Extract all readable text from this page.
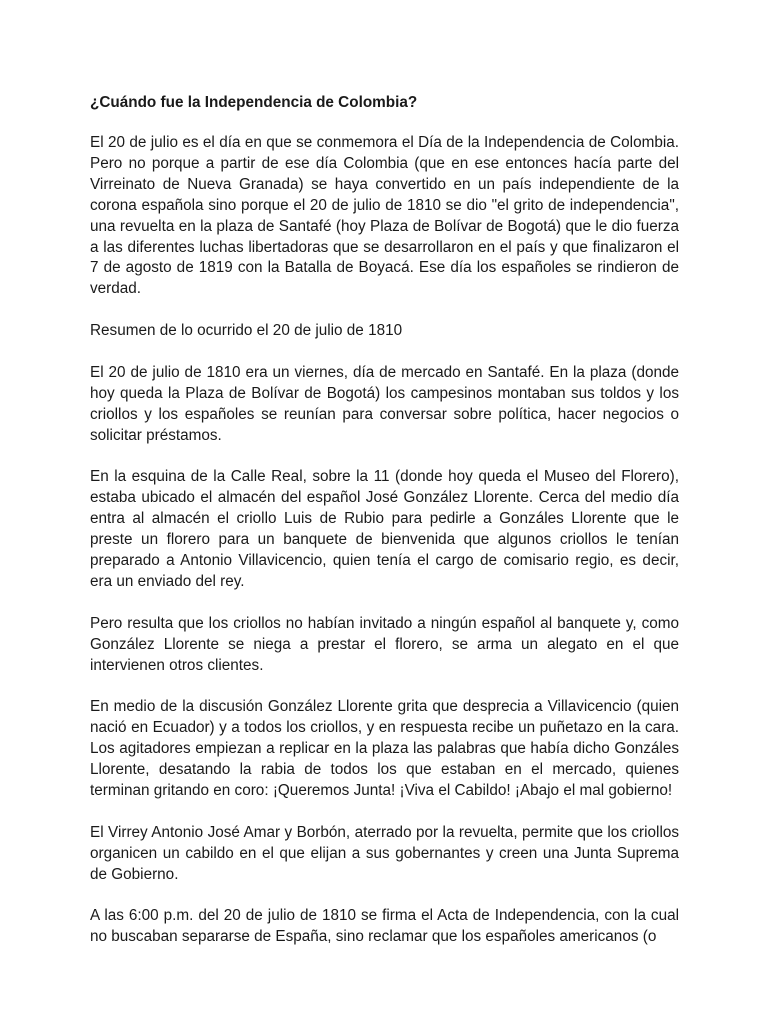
¿Cuándo fue la Independencia de Colombia?

El 20 de julio es el día en que se conmemora el Día de la Independencia de Colombia. Pero no porque a partir de ese día Colombia (que en ese entonces hacía parte del Virreinato de Nueva Granada) se haya convertido en un país independiente de la corona española sino porque el 20 de julio de 1810 se dio "el grito de independencia", una revuelta en la plaza de Santafé (hoy Plaza de Bolívar de Bogotá) que le dio fuerza a las diferentes luchas libertadoras que se desarrollaron en el país y que finalizaron el 7 de agosto de 1819 con la Batalla de Boyacá. Ese día los españoles se rindieron de verdad.

Resumen de lo ocurrido el 20 de julio de 1810

El 20 de julio de 1810 era un viernes, día de mercado en Santafé. En la plaza (donde hoy queda la Plaza de Bolívar de Bogotá) los campesinos montaban sus toldos y los criollos y los españoles se reunían para conversar sobre política, hacer negocios o solicitar préstamos.

En la esquina de la Calle Real, sobre la 11 (donde hoy queda el Museo del Florero), estaba ubicado el almacén del español José González Llorente. Cerca del medio día entra al almacén el criollo Luis de Rubio para pedirle a Gonzáles Llorente que le preste un florero para un banquete de bienvenida que algunos criollos le tenían preparado a Antonio Villavicencio, quien tenía el cargo de comisario regio, es decir, era un enviado del rey.

Pero resulta que los criollos no habían invitado a ningún español al banquete y, como González Llorente se niega a prestar el florero, se arma un alegato en el que intervienen otros clientes.

En medio de la discusión González Llorente grita que desprecia a Villavicencio (quien nació en Ecuador) y a todos los criollos, y en respuesta recibe un puñetazo en la cara. Los agitadores empiezan a replicar en la plaza las palabras que había dicho Gonzáles Llorente, desatando la rabia de todos los que estaban en el mercado, quienes terminan gritando en coro: ¡Queremos Junta! ¡Viva el Cabildo! ¡Abajo el mal gobierno!

El Virrey Antonio José Amar y Borbón, aterrado por la revuelta, permite que los criollos organicen un cabildo en el que elijan a sus gobernantes y creen una Junta Suprema de Gobierno.

A las 6:00 p.m. del 20 de julio de 1810 se firma el Acta de Independencia, con la cual no buscaban separarse de España, sino reclamar que los españoles americanos (o
